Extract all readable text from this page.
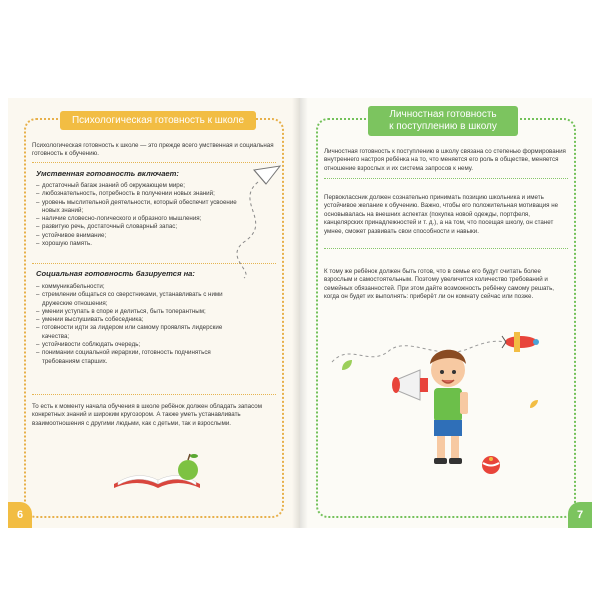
Психологическая готовность к школе
Психологическая готовность к школе — это прежде всего умственная и социальная готовность к обучению.
Умственная готовность включает:
– достаточный багаж знаний об окружающем мире;
– любознательность, потребность в получении новых знаний;
– уровень мыслительной деятельности, который обеспечит усвоение новых знаний;
– наличие словесно-логического и образного мышления;
– развитую речь, достаточный словарный запас;
– устойчивое внимание;
– хорошую память.
Социальная готовность базируется на:
– коммуникабельности;
– стремлении общаться со сверстниками, устанавливать с ними дружеские отношения;
– умении уступать в споре и делиться, быть толерантным;
– умении выслушивать собеседника;
– готовности идти за лидером или самому проявлять лидерские качества;
– устойчивости соблюдать очередь;
– понимании социальной иерархии, готовность подчиняться требованиям старших.
То есть к моменту начала обучения в школе ребёнок должен обладать запасом конкретных знаний и широким кругозором. А также уметь устанавливать взаимоотношения с другими людьми, как с детьми, так и взрослыми.
6
Личностная готовность
к поступлению в школу
Личностная готовность к поступлению в школу связана со степенью формирования внутреннего настроя ребёнка на то, что меняется его роль в обществе, меняется отношение взрослых и их система запросов к нему.
Первоклассник должен сознательно принимать позицию школьника и иметь устойчивое желание к обучению. Важно, чтобы его положительная мотивация не основывалась на внешних аспектах (покупка новой одежды, портфеля, канцелярских принадлежностей и т. д.), а на том, что посещая школу, он станет умнее, сможет развивать свои способности и навыки.
К тому же ребёнок должен быть готов, что в семье его будут считать более взрослым и самостоятельным. Поэтому увеличится количество требований и семейных обязанностей. При этом дайте возможность ребёнку самому решать, когда он будет их выполнять: приберёт ли он комнату сейчас или позже.
7
